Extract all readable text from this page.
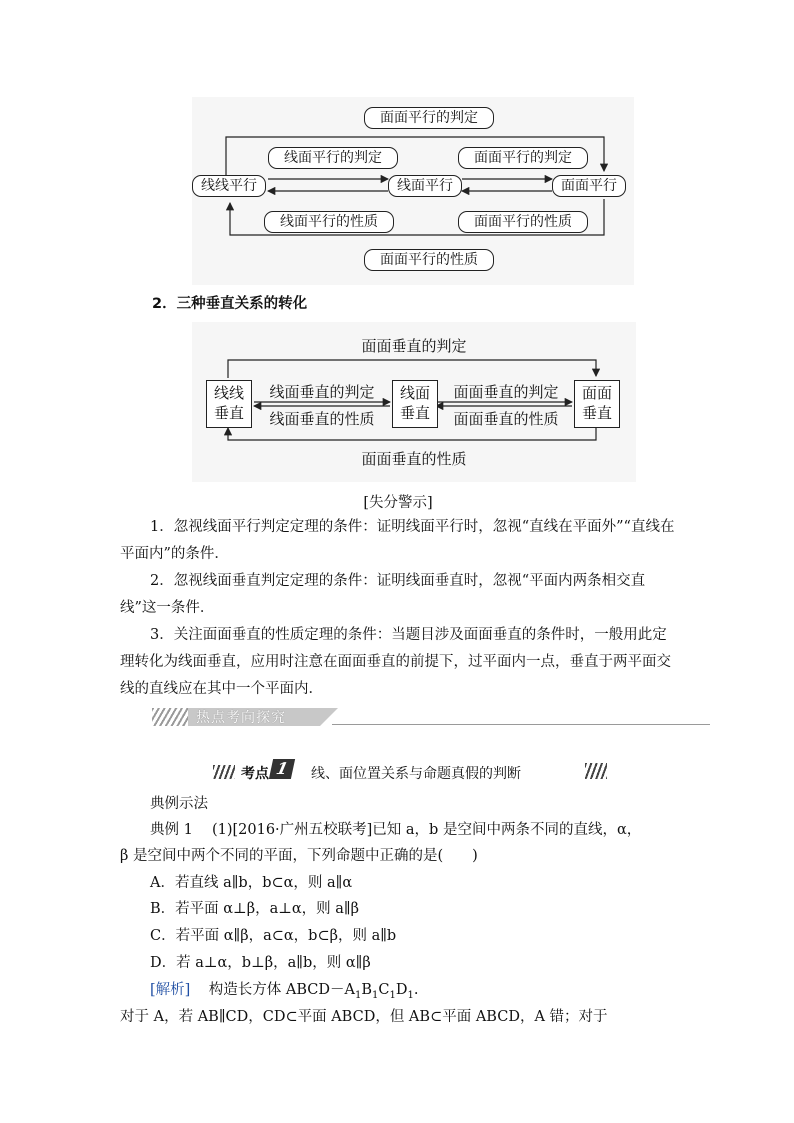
面面平行的判定
线面平行的判定	面面平行的判定
线线平行	线面平行	面面平行
线面平行的性质	面面平行的性质
面面平行的性质
2．三种垂直关系的转化
面面垂直的判定
线线
垂直
线面垂直的判定
线面垂直的性质
线面
垂直
面面垂直的判定
面面垂直的性质
面面
垂直
面面垂直的性质
[失分警示]
1．忽视线面平行判定定理的条件：证明线面平行时，忽视“直线在平面外”“直线在平面内”的条件．
2．忽视线面垂直判定定理的条件：证明线面垂直时，忽视“平面内两条相交直线”这一条件．
3．关注面面垂直的性质定理的条件：当题目涉及面面垂直的条件时，一般用此定理转化为线面垂直，应用时注意在面面垂直的前提下，过平面内一点，垂直于两平面交线的直线应在其中一个平面内．
热点考向探究
考点 1	线、面位置关系与命题真假的判断
典例示法
典例 1　 (1)[2016·广州五校联考]已知 a，b 是空间中两条不同的直线，α，
β 是空间中两个不同的平面，下列命题中正确的是(　　)
A．若直线 a∥b，b⊂α，则 a∥α
B．若平面 α⊥β，a⊥α，则 a∥β
C．若平面 α∥β，a⊂α，b⊂β，则 a∥b
D．若 a⊥α，b⊥β，a∥b，则 α∥β
[解析] 构造长方体 $ABCD-A_1B_1C_1D_1$.
对于 A，若 AB∥CD，CD⊂平面 ABCD，但 AB⊂平面 ABCD，A 错；对于
